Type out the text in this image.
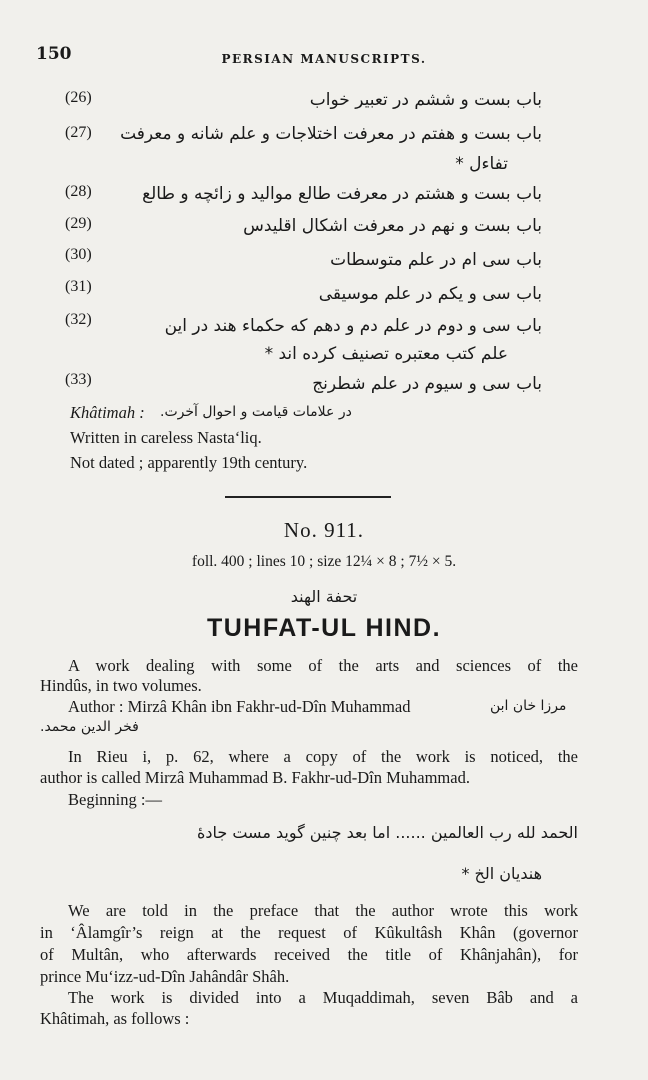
150	PERSIAN MANUSCRIPTS.
(26)	باب بست و ششم در تعبیر خواب
(27) باب بست و هفتم در معرفت اختلاجات و علم شانه و معرفت
تفاءل *
(28)	باب بست و هشتم در معرفت طالع مواليد و زائچه و طالع
(29)	باب بست و نهم در معرفت اشکال اقليدس
(30)	باب سی ام در علم متوسطات
(31)	باب سی و يکم در علم موسيقی
(32)	باب سی و دوم در علم دم و دهم که حکماء هند در اين
علم کتب معتبره تصنيف کرده اند *
(33)	باب سی و سيوم در علم شطرنج
Khâtimah : در علامات قيامت و احوال آخرت.
Written in careless Nasta‘liq.
Not dated ; apparently 19th century.
No. 911.
foll. 400 ; lines 10 ; size 12¼ × 8 ; 7½ × 5.
تحفة الهند
TUHFAT-UL HIND.
A work dealing with some of the arts and sciences of the
Hindûs, in two volumes.
Author : Mirzâ Khân ibn Fakhr-ud-Dîn Muhammad	مرزا خان ابن
فخر الدين محمد.
In Rieu i, p. 62, where a copy of the work is noticed, the
author is called Mirzâ Muhammad B. Fakhr-ud-Dîn Muhammad.
Beginning :—
الحمد لله رب العالمين ...... اما بعد چنين گويد مست جادهٔ
هنديان الخ *
We are told in the preface that the author wrote this work
in ‘Âlamgîr’s reign at the request of Kûkultâsh Khân (governor
of Multân, who afterwards received the title of Khânjahân), for
prince Mu‘izz-ud-Dîn Jahândâr Shâh.
The work is divided into a Muqaddimah, seven Bâb and a
Khâtimah, as follows :
